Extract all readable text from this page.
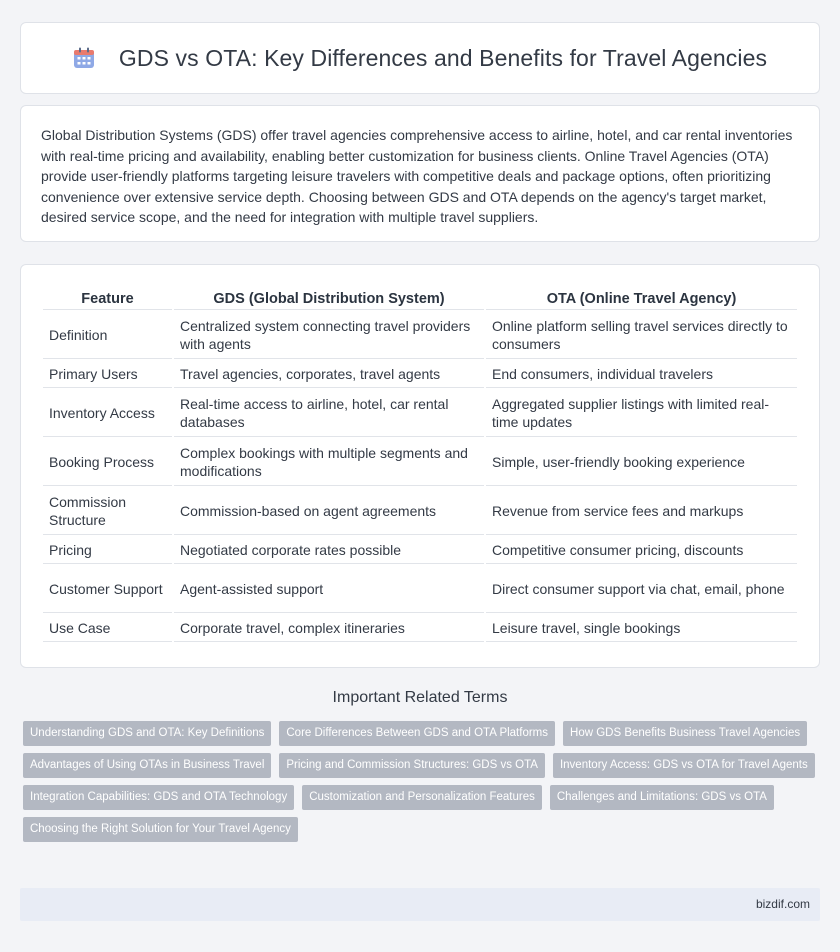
GDS vs OTA: Key Differences and Benefits for Travel Agencies

Global Distribution Systems (GDS) offer travel agencies comprehensive access to airline, hotel, and car rental inventories with real-time pricing and availability, enabling better customization for business clients. Online Travel Agencies (OTA) provide user-friendly platforms targeting leisure travelers with competitive deals and package options, often prioritizing convenience over extensive service depth. Choosing between GDS and OTA depends on the agency's target market, desired service scope, and the need for integration with multiple travel suppliers.

Feature	GDS (Global Distribution System)	OTA (Online Travel Agency)
Definition	Centralized system connecting travel providers with agents	Online platform selling travel services directly to consumers
Primary Users	Travel agencies, corporates, travel agents	End consumers, individual travelers
Inventory Access	Real-time access to airline, hotel, car rental databases	Aggregated supplier listings with limited real-time updates
Booking Process	Complex bookings with multiple segments and modifications	Simple, user-friendly booking experience
Commission Structure	Commission-based on agent agreements	Revenue from service fees and markups
Pricing	Negotiated corporate rates possible	Competitive consumer pricing, discounts
Customer Support	Agent-assisted support	Direct consumer support via chat, email, phone
Use Case	Corporate travel, complex itineraries	Leisure travel, single bookings
Important Related Terms
Understanding GDS and OTA: Key Definitions	Core Differences Between GDS and OTA Platforms	How GDS Benefits Business Travel Agencies
Advantages of Using OTAs in Business Travel	Pricing and Commission Structures: GDS vs OTA	Inventory Access: GDS vs OTA for Travel Agents
Integration Capabilities: GDS and OTA Technology	Customization and Personalization Features	Challenges and Limitations: GDS vs OTA
Choosing the Right Solution for Your Travel Agency
bizdif.com
